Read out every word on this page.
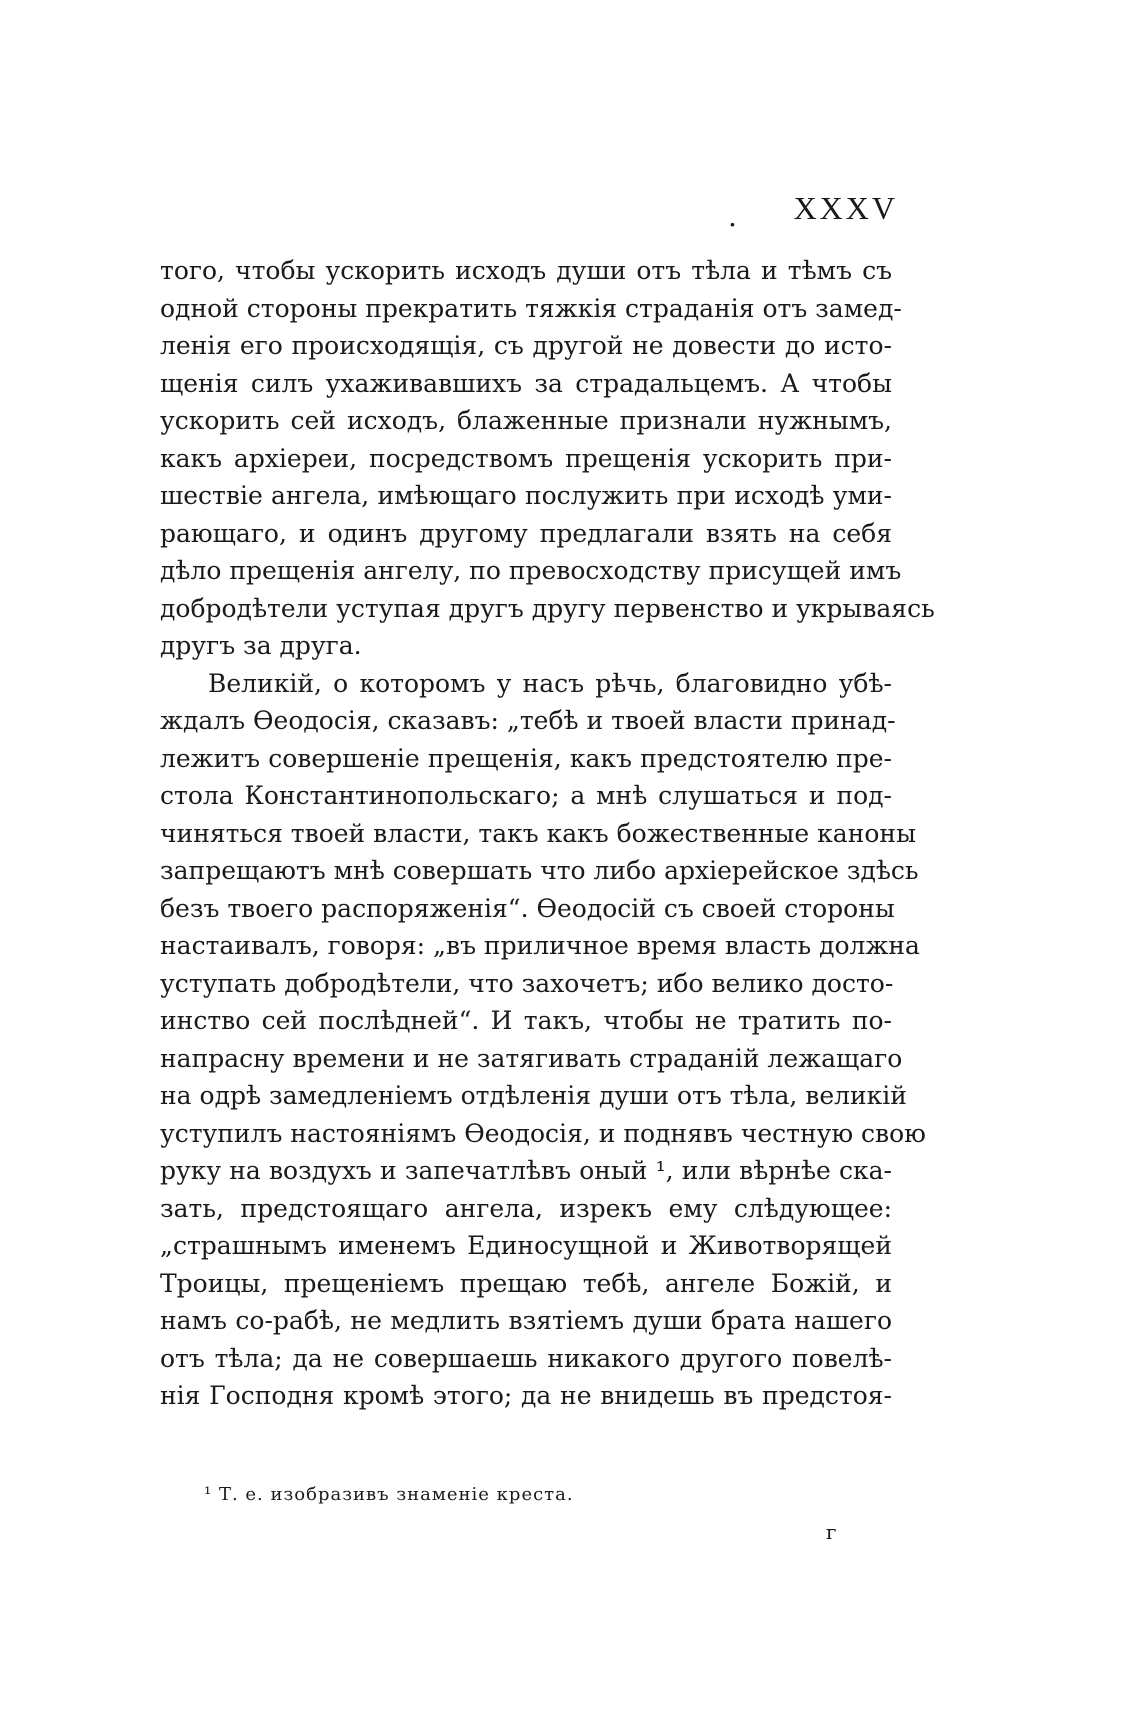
. XXXV
того, чтобы ускорить исходъ души отъ тѣла и тѣмъ съ
одной стороны прекратить тяжкія страданія отъ замед-
ленія его происходящія, съ другой не довести до исто-
щенія силъ ухаживавшихъ за страдальцемъ. А чтобы
ускорить сей исходъ, блаженные признали нужнымъ,
какъ архіереи, посредствомъ прещенія ускорить при-
шествіе ангела, имѣющаго послужить при исходѣ уми-
рающаго, и одинъ другому предлагали взять на себя
дѣло прещенія ангелу, по превосходству присущей имъ
добродѣтели уступая другъ другу первенство и укрываясь
другъ за друга.
Великій, о которомъ у насъ рѣчь, благовидно убѣ-
ждалъ Ѳеодосія, сказавъ: „тебѣ и твоей власти принад-
лежитъ совершеніе прещенія, какъ предстоятелю пре-
стола Константинопольскаго; а мнѣ слушаться и под-
чиняться твоей власти, такъ какъ божественные каноны
запрещаютъ мнѣ совершать что либо архіерейское здѣсь
безъ твоего распоряженія“. Ѳеодосій съ своей стороны
настаивалъ, говоря: „въ приличное время власть должна
уступать добродѣтели, что захочетъ; ибо велико досто-
инство сей послѣдней“. И такъ, чтобы не тратить по-
напрасну времени и не затягивать страданій лежащаго
на одрѣ замедленіемъ отдѣленія души отъ тѣла, великій
уступилъ настояніямъ Ѳеодосія, и поднявъ честную свою
руку на воздухъ и запечатлѣвъ оный ¹, или вѣрнѣе ска-
зать, предстоящаго ангела, изрекъ ему слѣдующее:
„страшнымъ именемъ Единосущной и Животворящей
Троицы, прещеніемъ прещаю тебѣ, ангеле Божій, и
намъ со-рабѣ, не медлить взятіемъ души брата нашего
отъ тѣла; да не совершаешь никакого другого повелѣ-
нія Господня кромѣ этого; да не внидешь въ предстоя-
¹ Т. е. изобразивъ знаменіе креста.
г
